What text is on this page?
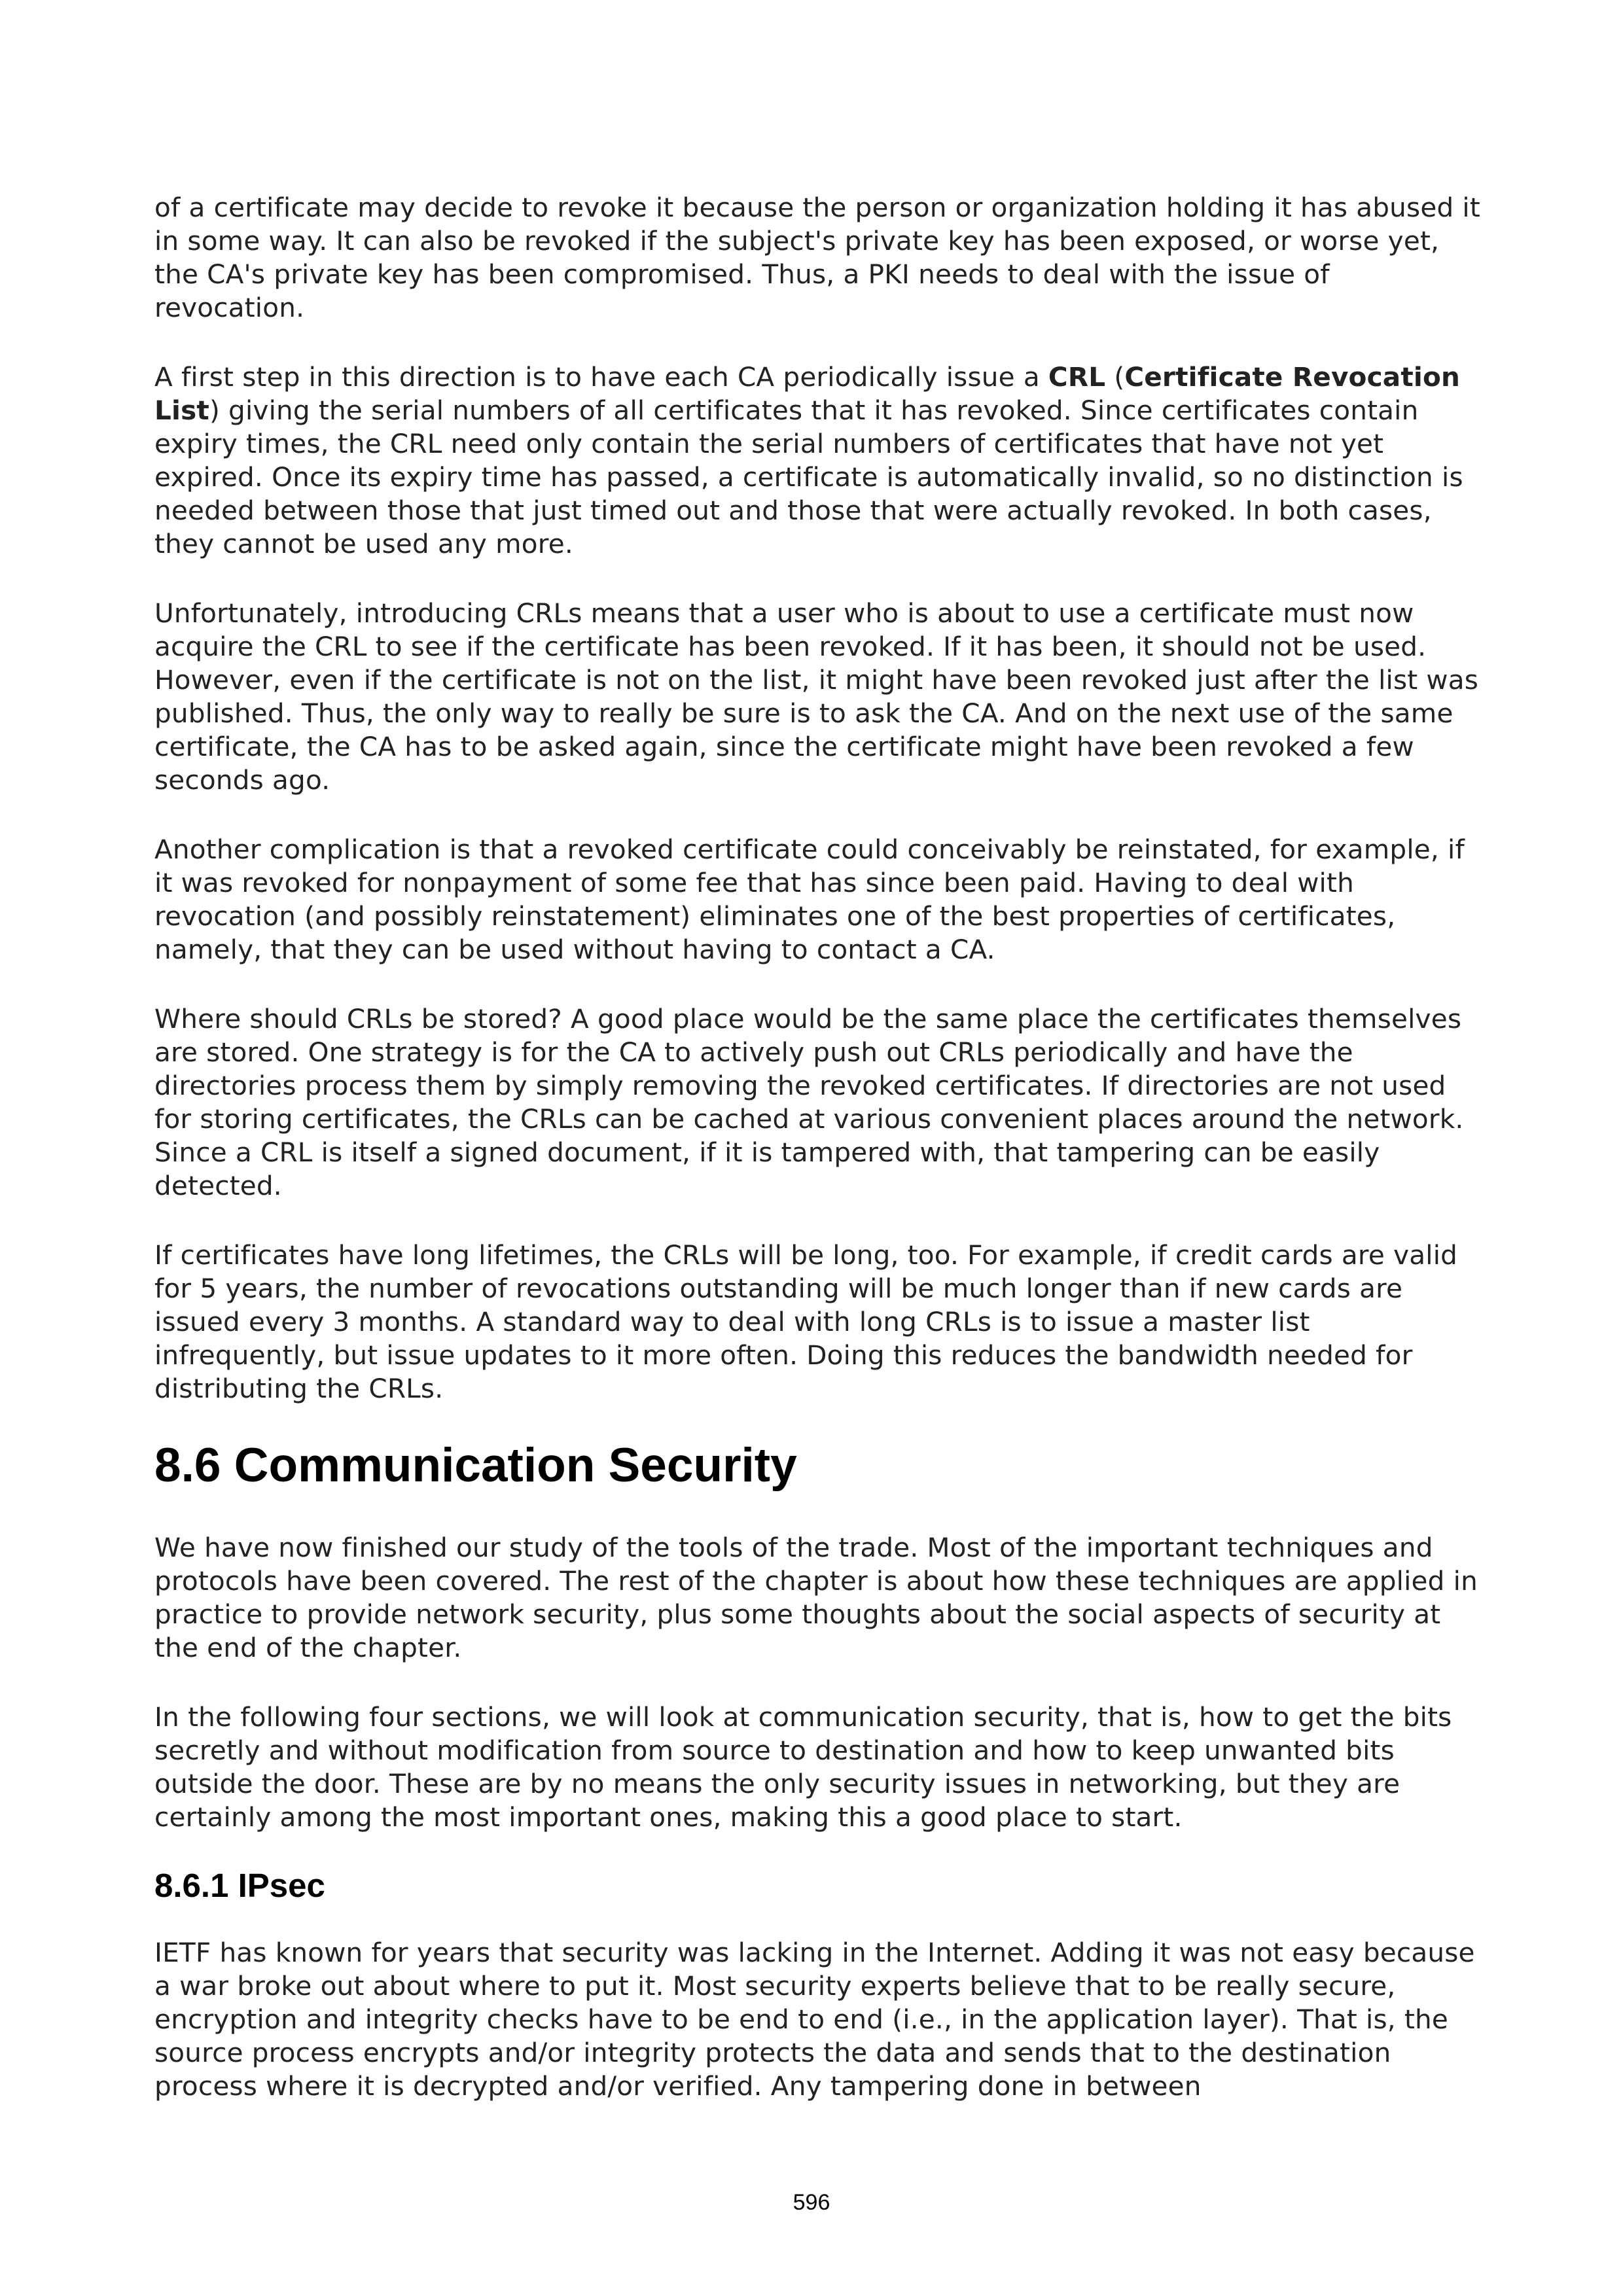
of a certificate may decide to revoke it because the person or organization holding it has abused it in some way. It can also be revoked if the subject's private key has been exposed, or worse yet, the CA's private key has been compromised. Thus, a PKI needs to deal with the issue of revocation.

A first step in this direction is to have each CA periodically issue a CRL (Certificate Revocation List) giving the serial numbers of all certificates that it has revoked. Since certificates contain expiry times, the CRL need only contain the serial numbers of certificates that have not yet expired. Once its expiry time has passed, a certificate is automatically invalid, so no distinction is needed between those that just timed out and those that were actually revoked. In both cases, they cannot be used any more.

Unfortunately, introducing CRLs means that a user who is about to use a certificate must now acquire the CRL to see if the certificate has been revoked. If it has been, it should not be used. However, even if the certificate is not on the list, it might have been revoked just after the list was published. Thus, the only way to really be sure is to ask the CA. And on the next use of the same certificate, the CA has to be asked again, since the certificate might have been revoked a few seconds ago.

Another complication is that a revoked certificate could conceivably be reinstated, for example, if it was revoked for nonpayment of some fee that has since been paid. Having to deal with revocation (and possibly reinstatement) eliminates one of the best properties of certificates, namely, that they can be used without having to contact a CA.

Where should CRLs be stored? A good place would be the same place the certificates themselves are stored. One strategy is for the CA to actively push out CRLs periodically and have the directories process them by simply removing the revoked certificates. If directories are not used for storing certificates, the CRLs can be cached at various convenient places around the network. Since a CRL is itself a signed document, if it is tampered with, that tampering can be easily detected.

If certificates have long lifetimes, the CRLs will be long, too. For example, if credit cards are valid for 5 years, the number of revocations outstanding will be much longer than if new cards are issued every 3 months. A standard way to deal with long CRLs is to issue a master list infrequently, but issue updates to it more often. Doing this reduces the bandwidth needed for distributing the CRLs.

8.6 Communication Security

We have now finished our study of the tools of the trade. Most of the important techniques and protocols have been covered. The rest of the chapter is about how these techniques are applied in practice to provide network security, plus some thoughts about the social aspects of security at the end of the chapter.

In the following four sections, we will look at communication security, that is, how to get the bits secretly and without modification from source to destination and how to keep unwanted bits outside the door. These are by no means the only security issues in networking, but they are certainly among the most important ones, making this a good place to start.

8.6.1 IPsec

IETF has known for years that security was lacking in the Internet. Adding it was not easy because a war broke out about where to put it. Most security experts believe that to be really secure, encryption and integrity checks have to be end to end (i.e., in the application layer). That is, the source process encrypts and/or integrity protects the data and sends that to the destination process where it is decrypted and/or verified. Any tampering done in between

596
